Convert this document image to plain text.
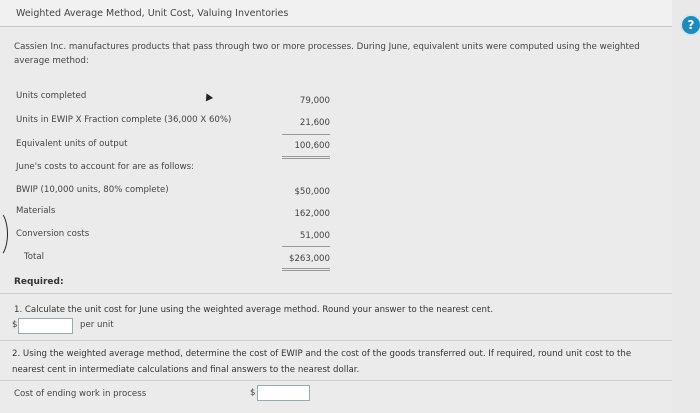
Weighted Average Method, Unit Cost, Valuing Inventories
?
Cassien Inc. manufactures products that pass through two or more processes. During June, equivalent units were computed using the weighted average method:
Units completed	79,000
Units in EWIP X Fraction complete (36,000 X 60%)	21,600
Equivalent units of output	100,600
June's costs to account for are as follows:
BWIP (10,000 units, 80% complete)	$50,000
Materials	162,000
Conversion costs	51,000
Total	$263,000
Required:
1. Calculate the unit cost for June using the weighted average method. Round your answer to the nearest cent.
$	per unit
2. Using the weighted average method, determine the cost of EWIP and the cost of the goods transferred out. If required, round unit cost to the nearest cent in intermediate calculations and final answers to the nearest dollar.
Cost of ending work in process	$
